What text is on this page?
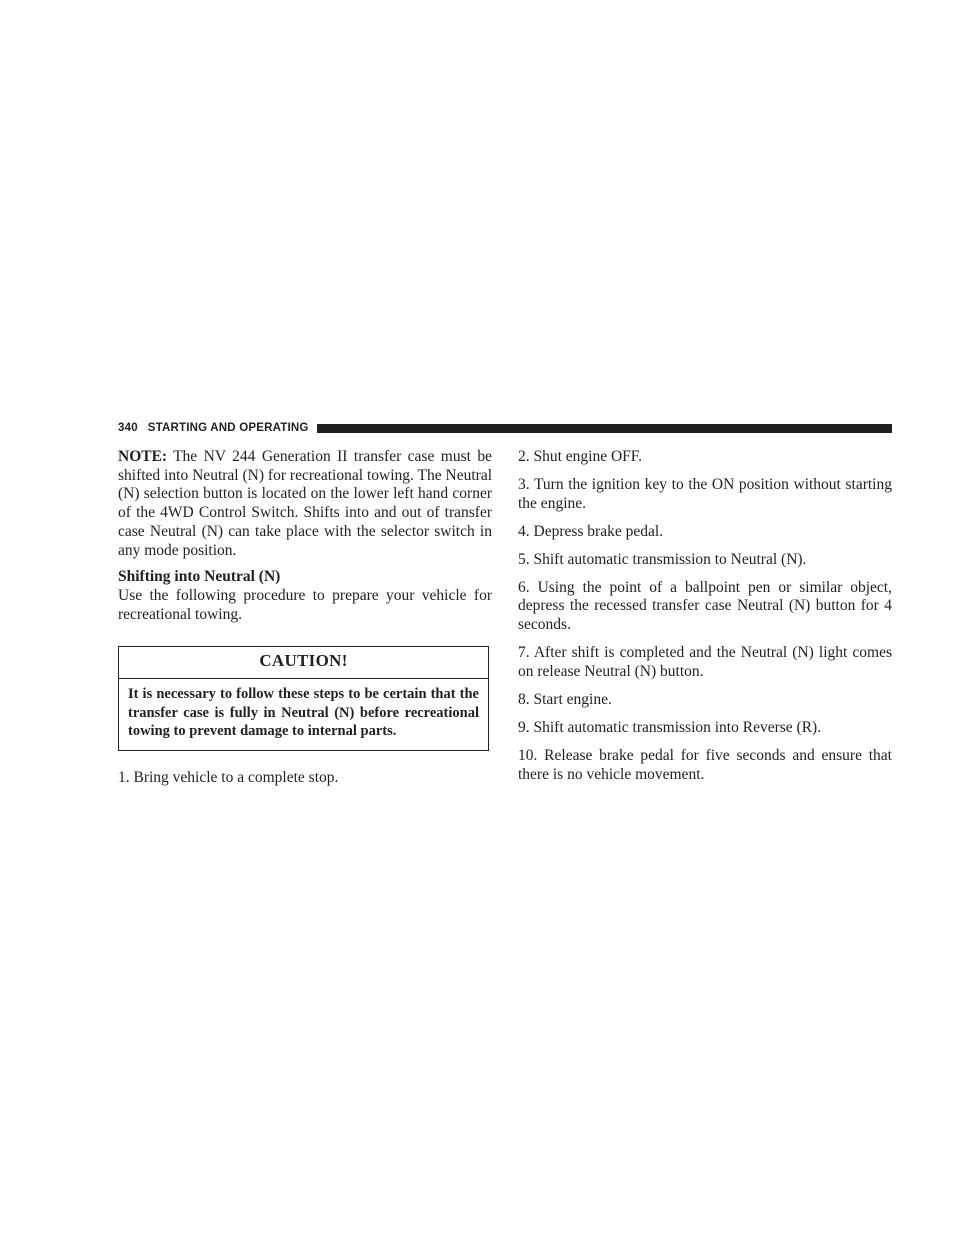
340 STARTING AND OPERATING

NOTE: The NV 244 Generation II transfer case must be shifted into Neutral (N) for recreational towing. The Neutral (N) selection button is located on the lower left hand corner of the 4WD Control Switch. Shifts into and out of transfer case Neutral (N) can take place with the selector switch in any mode position.

Shifting into Neutral (N)

Use the following procedure to prepare your vehicle for recreational towing.

CAUTION!
It is necessary to follow these steps to be certain that the transfer case is fully in Neutral (N) before recreational towing to prevent damage to internal parts.

1. Bring vehicle to a complete stop.

2. Shut engine OFF.

3. Turn the ignition key to the ON position without starting the engine.

4. Depress brake pedal.

5. Shift automatic transmission to Neutral (N).

6. Using the point of a ballpoint pen or similar object, depress the recessed transfer case Neutral (N) button for 4 seconds.

7. After shift is completed and the Neutral (N) light comes on release Neutral (N) button.

8. Start engine.

9. Shift automatic transmission into Reverse (R).

10. Release brake pedal for five seconds and ensure that there is no vehicle movement.
